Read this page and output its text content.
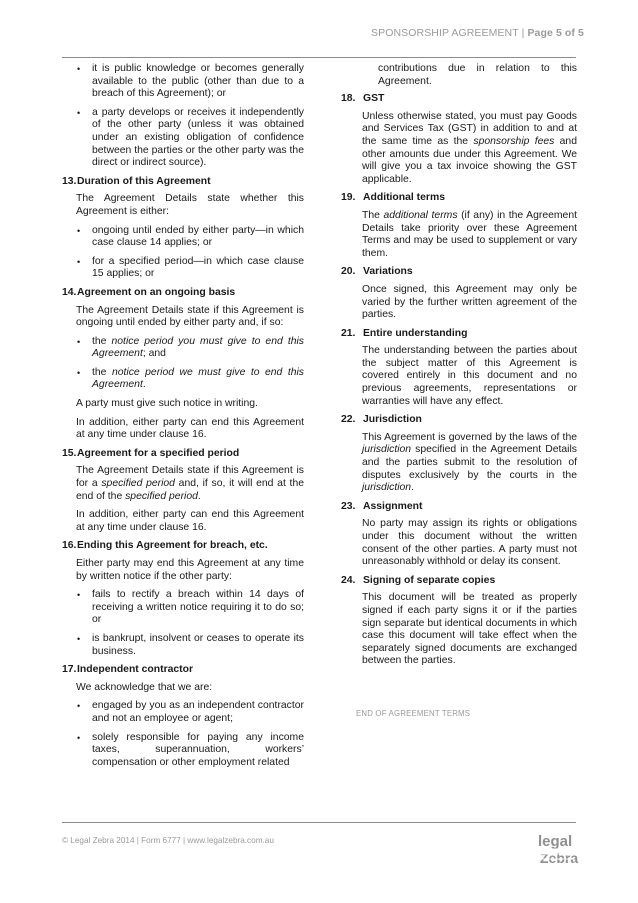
SPONSORSHIP AGREEMENT | Page 5 of 5
•	it is public knowledge or becomes generally available to the public (other than due to a breach of this Agreement); or
•	a party develops or receives it independently of the other party (unless it was obtained under an existing obligation of confidence between the parties or the other party was the direct or indirect source).
13. Duration of this Agreement
The Agreement Details state whether this Agreement is either:
•	ongoing until ended by either party—in which case clause 14 applies; or
•	for a specified period—in which case clause 15 applies; or
14. Agreement on an ongoing basis
The Agreement Details state if this Agreement is ongoing until ended by either party and, if so:
•	the notice period you must give to end this Agreement; and
•	the notice period we must give to end this Agreement.
A party must give such notice in writing.
In addition, either party can end this Agreement at any time under clause 16.
15. Agreement for a specified period
The Agreement Details state if this Agreement is for a specified period and, if so, it will end at the end of the specified period.
In addition, either party can end this Agreement at any time under clause 16.
16. Ending this Agreement for breach, etc.
Either party may end this Agreement at any time by written notice if the other party:
•	fails to rectify a breach within 14 days of receiving a written notice requiring it to do so; or
•	is bankrupt, insolvent or ceases to operate its business.
17. Independent contractor
We acknowledge that we are:
•	engaged by you as an independent contractor and not an employee or agent;
•	solely responsible for paying any income taxes, superannuation, workers’ compensation or other employment related
contributions due in relation to this Agreement.
18. GST
Unless otherwise stated, you must pay Goods and Services Tax (GST) in addition to and at the same time as the sponsorship fees and other amounts due under this Agreement. We will give you a tax invoice showing the GST applicable.
19. Additional terms
The additional terms (if any) in the Agreement Details take priority over these Agreement Terms and may be used to supplement or vary them.
20. Variations
Once signed, this Agreement may only be varied by the further written agreement of the parties.
21. Entire understanding
The understanding between the parties about the subject matter of this Agreement is covered entirely in this document and no previous agreements, representations or warranties will have any effect.
22. Jurisdiction
This Agreement is governed by the laws of the jurisdiction specified in the Agreement Details and the parties submit to the resolution of disputes exclusively by the courts in the jurisdiction.
23. Assignment
No party may assign its rights or obligations under this document without the written consent of the other parties. A party must not unreasonably withhold or delay its consent.
24. Signing of separate copies
This document will be treated as properly signed if each party signs it or if the parties sign separate but identical documents in which case this document will take effect when the separately signed documents are exchanged between the parties.
END OF AGREEMENT TERMS
© Legal Zebra 2014 | Form 6777 | www.legalzebra.com.au	legal
Zebra
